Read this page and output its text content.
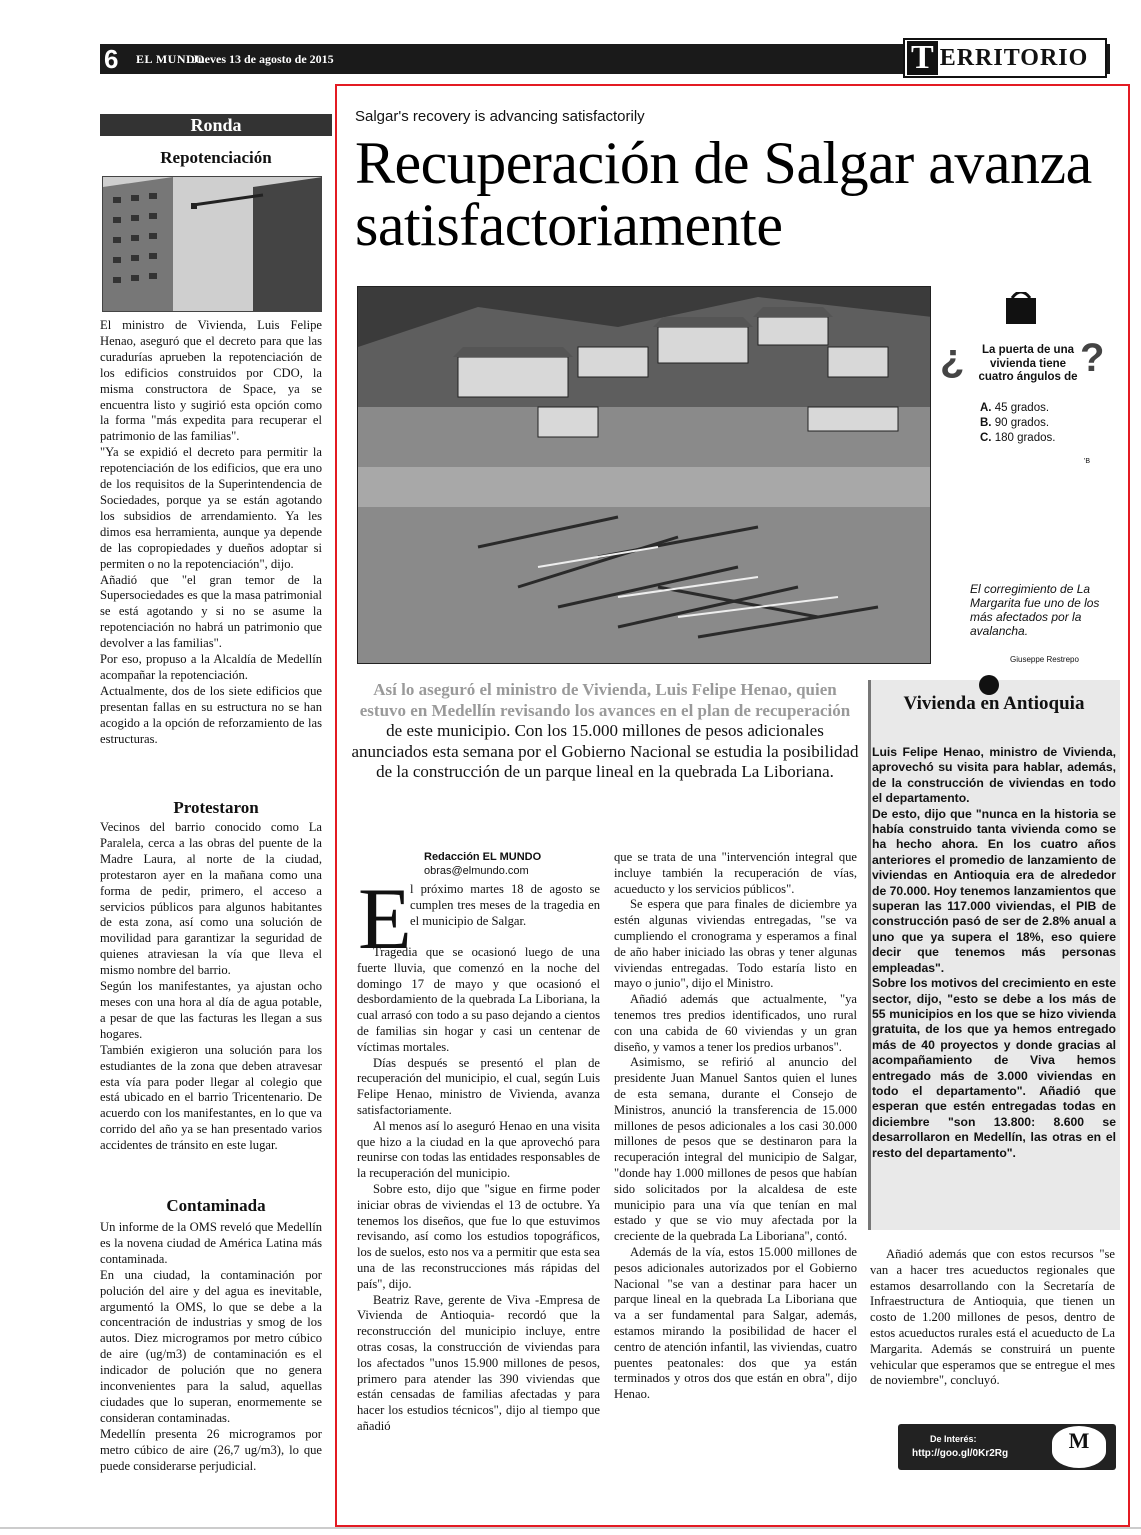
6 EL MUNDO
Jueves 13 de agosto de 2015	T ERRITORIO
Ronda
Repotenciación

El ministro de Vivienda, Luis Felipe Henao, aseguró que el decreto para que las curadurías aprueben la repotenciación de los edificios construidos por CDO, la misma constructora de Space, ya se encuentra listo y sugirió esta opción como la forma "más expedita para recuperar el patrimonio de las familias".

"Ya se expidió el decreto para permitir la repotenciación de los edificios, que era uno de los requisitos de la Superintendencia de Sociedades, porque ya se están agotando los subsidios de arrendamiento. Ya les dimos esa herramienta, aunque ya depende de las copropiedades y dueños adoptar si permiten o no la repotenciación", dijo.

Añadió que "el gran temor de la Supersociedades es que la masa patrimonial se está agotando y si no se asume la repotenciación no habrá un patrimonio que devolver a las familias".

Por eso, propuso a la Alcaldía de Medellín acompañar la repotenciación.

Actualmente, dos de los siete edificios que presentan fallas en su estructura no se han acogido a la opción de reforzamiento de las estructuras.

Protestaron

Vecinos del barrio conocido como La Paralela, cerca a las obras del puente de la Madre Laura, al norte de la ciudad, protestaron ayer en la mañana como una forma de pedir, primero, el acceso a servicios públicos para algunos habitantes de esta zona, así como una solución de movilidad para garantizar la seguridad de quienes atraviesan la vía que lleva el mismo nombre del barrio.

Según los manifestantes, ya ajustan ocho meses con una hora al día de agua potable, a pesar de que las facturas les llegan a sus hogares.

También exigieron una solución para los estudiantes de la zona que deben atravesar esta vía para poder llegar al colegio que está ubicado en el barrio Tricentenario. De acuerdo con los manifestantes, en lo que va corrido del año ya se han presentado varios accidentes de tránsito en este lugar.

Contaminada

Un informe de la OMS reveló que Medellín es la novena ciudad de América Latina más contaminada.

En una ciudad, la contaminación por polución del aire y del agua es inevitable, argumentó la OMS, lo que se debe a la concentración de industrias y smog de los autos. Diez microgramos por metro cúbico de aire (ug/m3) de contaminación es el indicador de polución que no genera inconvenientes para la salud, aquellas ciudades que lo superan, enormemente se consideran contaminadas.

Medellín presenta 26 microgramos por metro cúbico de aire (26,7 ug/m3), lo que puede considerarse perjudicial.

Salgar's recovery is advancing satisfactorily
Recuperación de Salgar avanza satisfactoriamente
¿	?
La puerta de una vivienda tiene cuatro ángulos de
A. 45 grados.
B. 90 grados.
C. 180 grados.
'B
El corregimiento de La Margarita fue uno de los más afectados por la avalancha.
Giuseppe Restrepo
Así lo aseguró el ministro de Vivienda, Luis Felipe Henao, quien estuvo en Medellín revisando los avances en el plan de recuperación de este municipio. Con los 15.000 millones de pesos adicionales anunciados esta semana por el Gobierno Nacional se estudia la posibilidad de la construcción de un parque lineal en la quebrada La Liboriana.
Redacción EL MUNDO
obras@elmundo.com
E

l próximo martes 18 de agosto se cumplen tres meses de la tragedia en el municipio de Salgar.

Tragedia que se ocasionó luego de una fuerte lluvia, que comenzó en la noche del domingo 17 de mayo y que ocasionó el desbordamiento de la quebrada La Liboriana, la cual arrasó con todo a su paso dejando a cientos de familias sin hogar y casi un centenar de víctimas mortales.

Días después se presentó el plan de recuperación del municipio, el cual, según Luis Felipe Henao, ministro de Vivienda, avanza satisfactoriamente.

Al menos así lo aseguró Henao en una visita que hizo a la ciudad en la que aprovechó para reunirse con todas las entidades responsables de la recuperación del municipio.

Sobre esto, dijo que "sigue en firme poder iniciar obras de viviendas el 13 de octubre. Ya tenemos los diseños, que fue lo que estuvimos revisando, así como los estudios topográficos, los de suelos, esto nos va a permitir que esta sea una de las reconstrucciones más rápidas del país", dijo.

Beatriz Rave, gerente de Viva -Empresa de Vivienda de Antioquia- recordó que la reconstrucción del municipio incluye, entre otras cosas, la construcción de viviendas para los afectados "unos 15.900 millones de pesos, primero para atender las 390 viviendas que están censadas de familias afectadas y para hacer los estudios técnicos", dijo al tiempo que añadió

que se trata de una "intervención integral que incluye también la recuperación de vías, acueducto y los servicios públicos".

Se espera que para finales de diciembre ya estén algunas viviendas entregadas, "se va cumpliendo el cronograma y esperamos a final de año haber iniciado las obras y tener algunas viviendas entregadas. Todo estaría listo en mayo o junio", dijo el Ministro.

Añadió además que actualmente, "ya tenemos tres predios identificados, uno rural con una cabida de 60 viviendas y un gran diseño, y vamos a tener los predios urbanos".

Asimismo, se refirió al anuncio del presidente Juan Manuel Santos quien el lunes de esta semana, durante el Consejo de Ministros, anunció la transferencia de 15.000 millones de pesos adicionales a los casi 30.000 millones de pesos que se destinaron para la recuperación integral del municipio de Salgar, "donde hay 1.000 millones de pesos que habían sido solicitados por la alcaldesa de este municipio para una vía que tenían en mal estado y que se vio muy afectada por la creciente de la quebrada La Liboriana", contó.

Además de la vía, estos 15.000 millones de pesos adicionales autorizados por el Gobierno Nacional "se van a destinar para hacer un parque lineal en la quebrada La Liboriana que va a ser fundamental para Salgar, además, estamos mirando la posibilidad de hacer el centro de atención infantil, las viviendas, cuatro puentes peatonales: dos que ya están terminados y otros dos que están en obra", dijo Henao.

Vivienda en Antioquia

Luis Felipe Henao, ministro de Vivienda, aprovechó su visita para hablar, además, de la construcción de viviendas en todo el departamento.

De esto, dijo que "nunca en la historia se había construido tanta vivienda como se ha hecho ahora. En los cuatro años anteriores el promedio de lanzamiento de viviendas en Antioquia era de alrededor de 70.000. Hoy tenemos lanzamientos que superan las 117.000 viviendas, el PIB de construcción pasó de ser de 2.8% anual a uno que ya supera el 18%, eso quiere decir que tenemos más personas empleadas".

Sobre los motivos del crecimiento en este sector, dijo, "esto se debe a los más de 55 municipios en los que se hizo vivienda gratuita, de los que ya hemos entregado más de 40 proyectos y donde gracias al acompañamiento de Viva hemos entregado más de 3.000 viviendas en todo el departamento". Añadió que esperan que estén entregadas todas en diciembre "son 13.800: 8.600 se desarrollaron en Medellín, las otras en el resto del departamento".

Añadió además que con estos recursos "se van a hacer tres acueductos regionales que estamos desarrollando con la Secretaría de Infraestructura de Antioquia, que tienen un costo de 1.200 millones de pesos, dentro de estos acueductos rurales está el acueducto de La Margarita. Además se construirá un puente vehicular que esperamos que se entregue el mes de noviembre", concluyó.

De Interés:
http://goo.gl/0Kr2Rg
M
